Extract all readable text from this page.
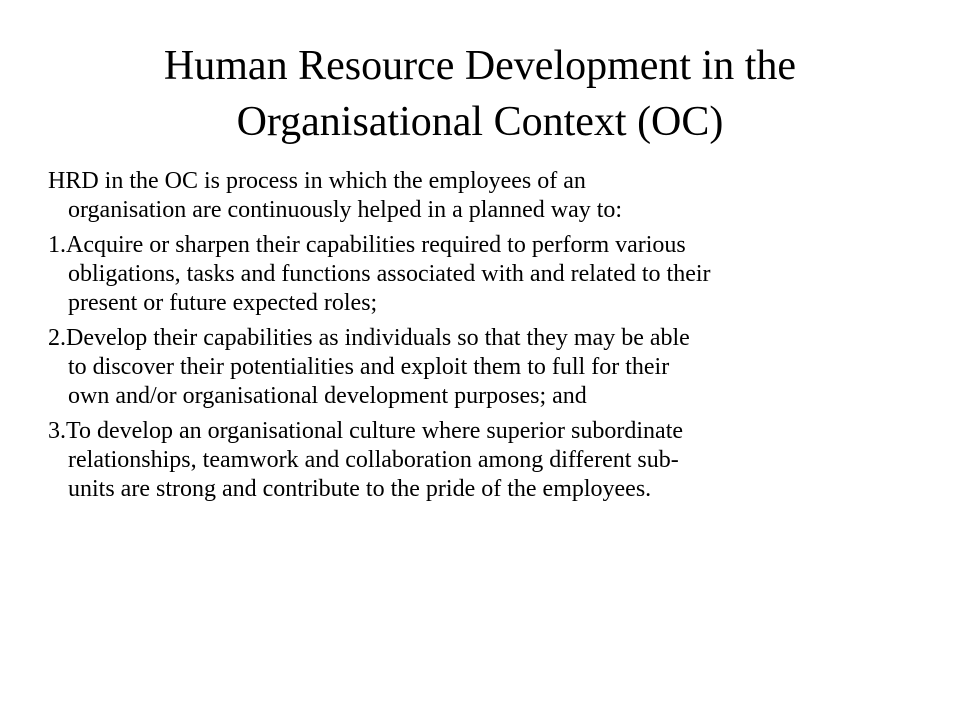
Human Resource Development in the
Organisational Context (OC)
HRD in the OC is process in which the employees of an
organisation are continuously helped in a planned way to:
1.Acquire or sharpen their capabilities required to perform various
obligations, tasks and functions associated with and related to their
present or future expected roles;
2.Develop their capabilities as individuals so that they may be able
to discover their potentialities and exploit them to full for their
own and/or organisational development purposes; and
3.To develop an organisational culture where superior subordinate
relationships, teamwork and collaboration among different sub-
units are strong and contribute to the pride of the employees.
